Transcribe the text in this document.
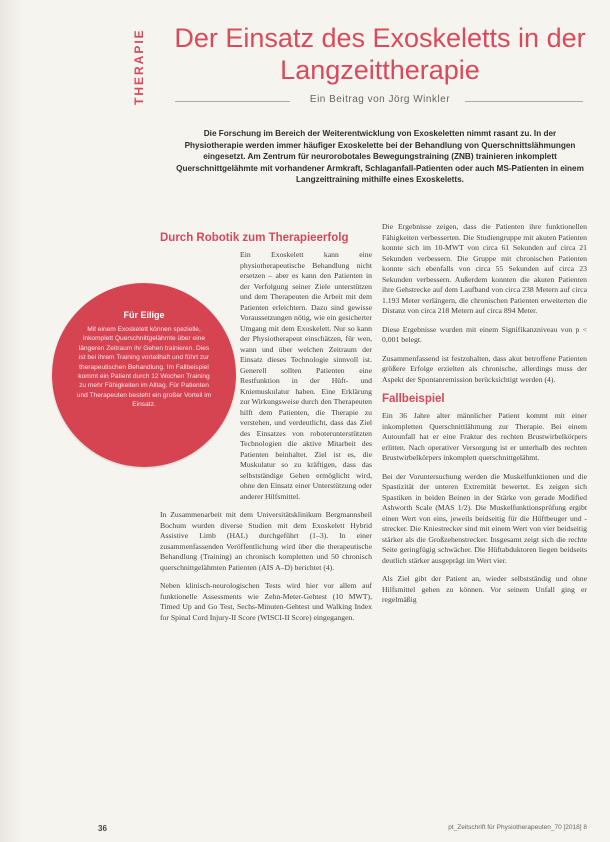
THERAPIE Der Einsatz des Exoskeletts in der Langzeittherapie
Ein Beitrag von Jörg Winkler

Die Forschung im Bereich der Weiterentwicklung von Exoskeletten nimmt rasant zu. In der Physiotherapie werden immer häufiger Exoskelette bei der Behandlung von Querschnittslähmungen eingesetzt. Am Zentrum für neurorobotales Bewegungstraining (ZNB) trainieren inkomplett Querschnittgelähmte mit vorhandener Armkraft, Schlaganfall-Patienten oder auch MS-Patienten in einem Langzeittraining mithilfe eines Exoskeletts.

Durch Robotik zum Therapieerfolg

Ein Exoskelett kann eine physiotherapeutische Behandlung nicht ersetzen – aber es kann den Patienten in der Verfolgung seiner Ziele unterstützen und dem Therapeuten die Arbeit mit dem Patienten erleichtern. Dazu sind gewisse Voraussetzungen nötig, wie ein gesicherter Umgang mit dem Exoskelett. Nur so kann der Physiotherapeut einschätzen, für wen, wann und über welchen Zeitraum der Einsatz dieses Technologie sinnvoll ist. Generell sollten Patienten eine Restfunktion in der Hüft- und Kniemuskulatur haben. Eine Erklärung zur Wirkungsweise durch den Therapeuten hilft dem Patienten, die Therapie zu verstehen, und verdeutlicht, dass das Ziel des Einsatzes von roboterunterstützten Technologien die aktive Mitarbeit des Patienten beinhaltet. Ziel ist es, die Muskulatur so zu kräftigen, dass das selbstständige Gehen ermöglicht wird, ohne den Einsatz einer Unterstützung oder anderer Hilfsmittel.

In Zusammenarbeit mit dem Universitätsklinikum Bergmannsheil Bochum wurden diverse Studien mit dem Exoskelett Hybrid Assistive Limb (HAL) durchgeführt (1–3). In einer zusammenfassenden Veröffentlichung wird über die therapeutische Behandlung (Training) an chronisch kompletten und 50 chronisch querschnittgelähmten Patienten (AIS A–D) berichtet (4).

Neben klinisch-neurologischen Tests wird hier vor allem auf funktionelle Assessments wie Zehn-Meter-Gehtest (10 MWT), Timed Up and Go Test, Sechs-Minuten-Gehtest und Walking Index for Spinal Cord Injury-II Score (WISCI-II Score) eingegangen.

Die Ergebnisse zeigen, dass die Patienten ihre funktionellen Fähigkeiten verbesserten. Die Studiengruppe mit akuten Patienten konnte sich im 10-MWT von circa 61 Sekunden auf circa 21 Sekunden verbessern. Die Gruppe mit chronischen Patienten konnte sich ebenfalls von circa 55 Sekunden auf circa 23 Sekunden verbessern. Außerdem konnten die akuten Patienten ihre Gehstrecke auf dem Laufband von circa 238 Metern auf circa 1.193 Meter verlängern, die chronischen Patienten erweiterten die Distanz von circa 218 Metern auf circa 894 Meter.

Diese Ergebnisse wurden mit einem Signifikanzniveau von p < 0,001 belegt.

Zusammenfassend ist festzuhalten, dass akut betroffene Patienten größere Erfolge erzielten als chronische, allerdings muss der Aspekt der Spontanremission berücksichtigt werden (4).

Fallbeispiel

Ein 36 Jahre alter männlicher Patient kommt mit einer inkompletten Querschnittlähmung zur Therapie. Bei einem Autounfall hat er eine Fraktur des rechten Brustwirbelkörpers erlitten. Nach operativer Versorgung ist er unterhalb des rechten Brustwirbelkörpers inkomplett querschnittgelähmt.

Bei der Voruntersuchung werden die Muskelfunktionen und die Spastizität der unteren Extremität bewertet. Es zeigen sich Spastiken in beiden Beinen in der Stärke von gerade Modified Ashworth Scale (MAS 1/2). Die Muskelfunktionsprüfung ergibt einen Wert von eins, jeweils beidseitig für die Hüftbeuger und -strecker. Die Kniestrecker sind mit einem Wert von vier beidseitig stärker als die Großzehenstrecker. Insgesamt zeigt sich die rechte Seite geringfügig schwächer. Die Hüftabduktoren liegen beidseits deutlich stärker ausgeprägt im Wert vier.

Als Ziel gibt der Patient an, wieder selbstständig und ohne Hilfsmittel gehen zu können. Vor seinem Unfall ging er regelmäßig

Für Eilige
Mit einem Exoskelett können spezielle, inkomplett Querschnittgelähmte über eine längeren Zeitraum ihr Gehen trainieren. Dies ist bei ihrem Training vorteilhaft und führt zur therapeutischen Behandlung. Im Fallbeispiel kommt ein Patient durch 12 Wochen Training zu mehr Fähigkeiten im Alltag. Für Patienten und Therapeuten besteht ein großer Vorteil im Einsatz.
36	pt_Zeitschrift für Physiotherapeuten_70 [2018] 8
